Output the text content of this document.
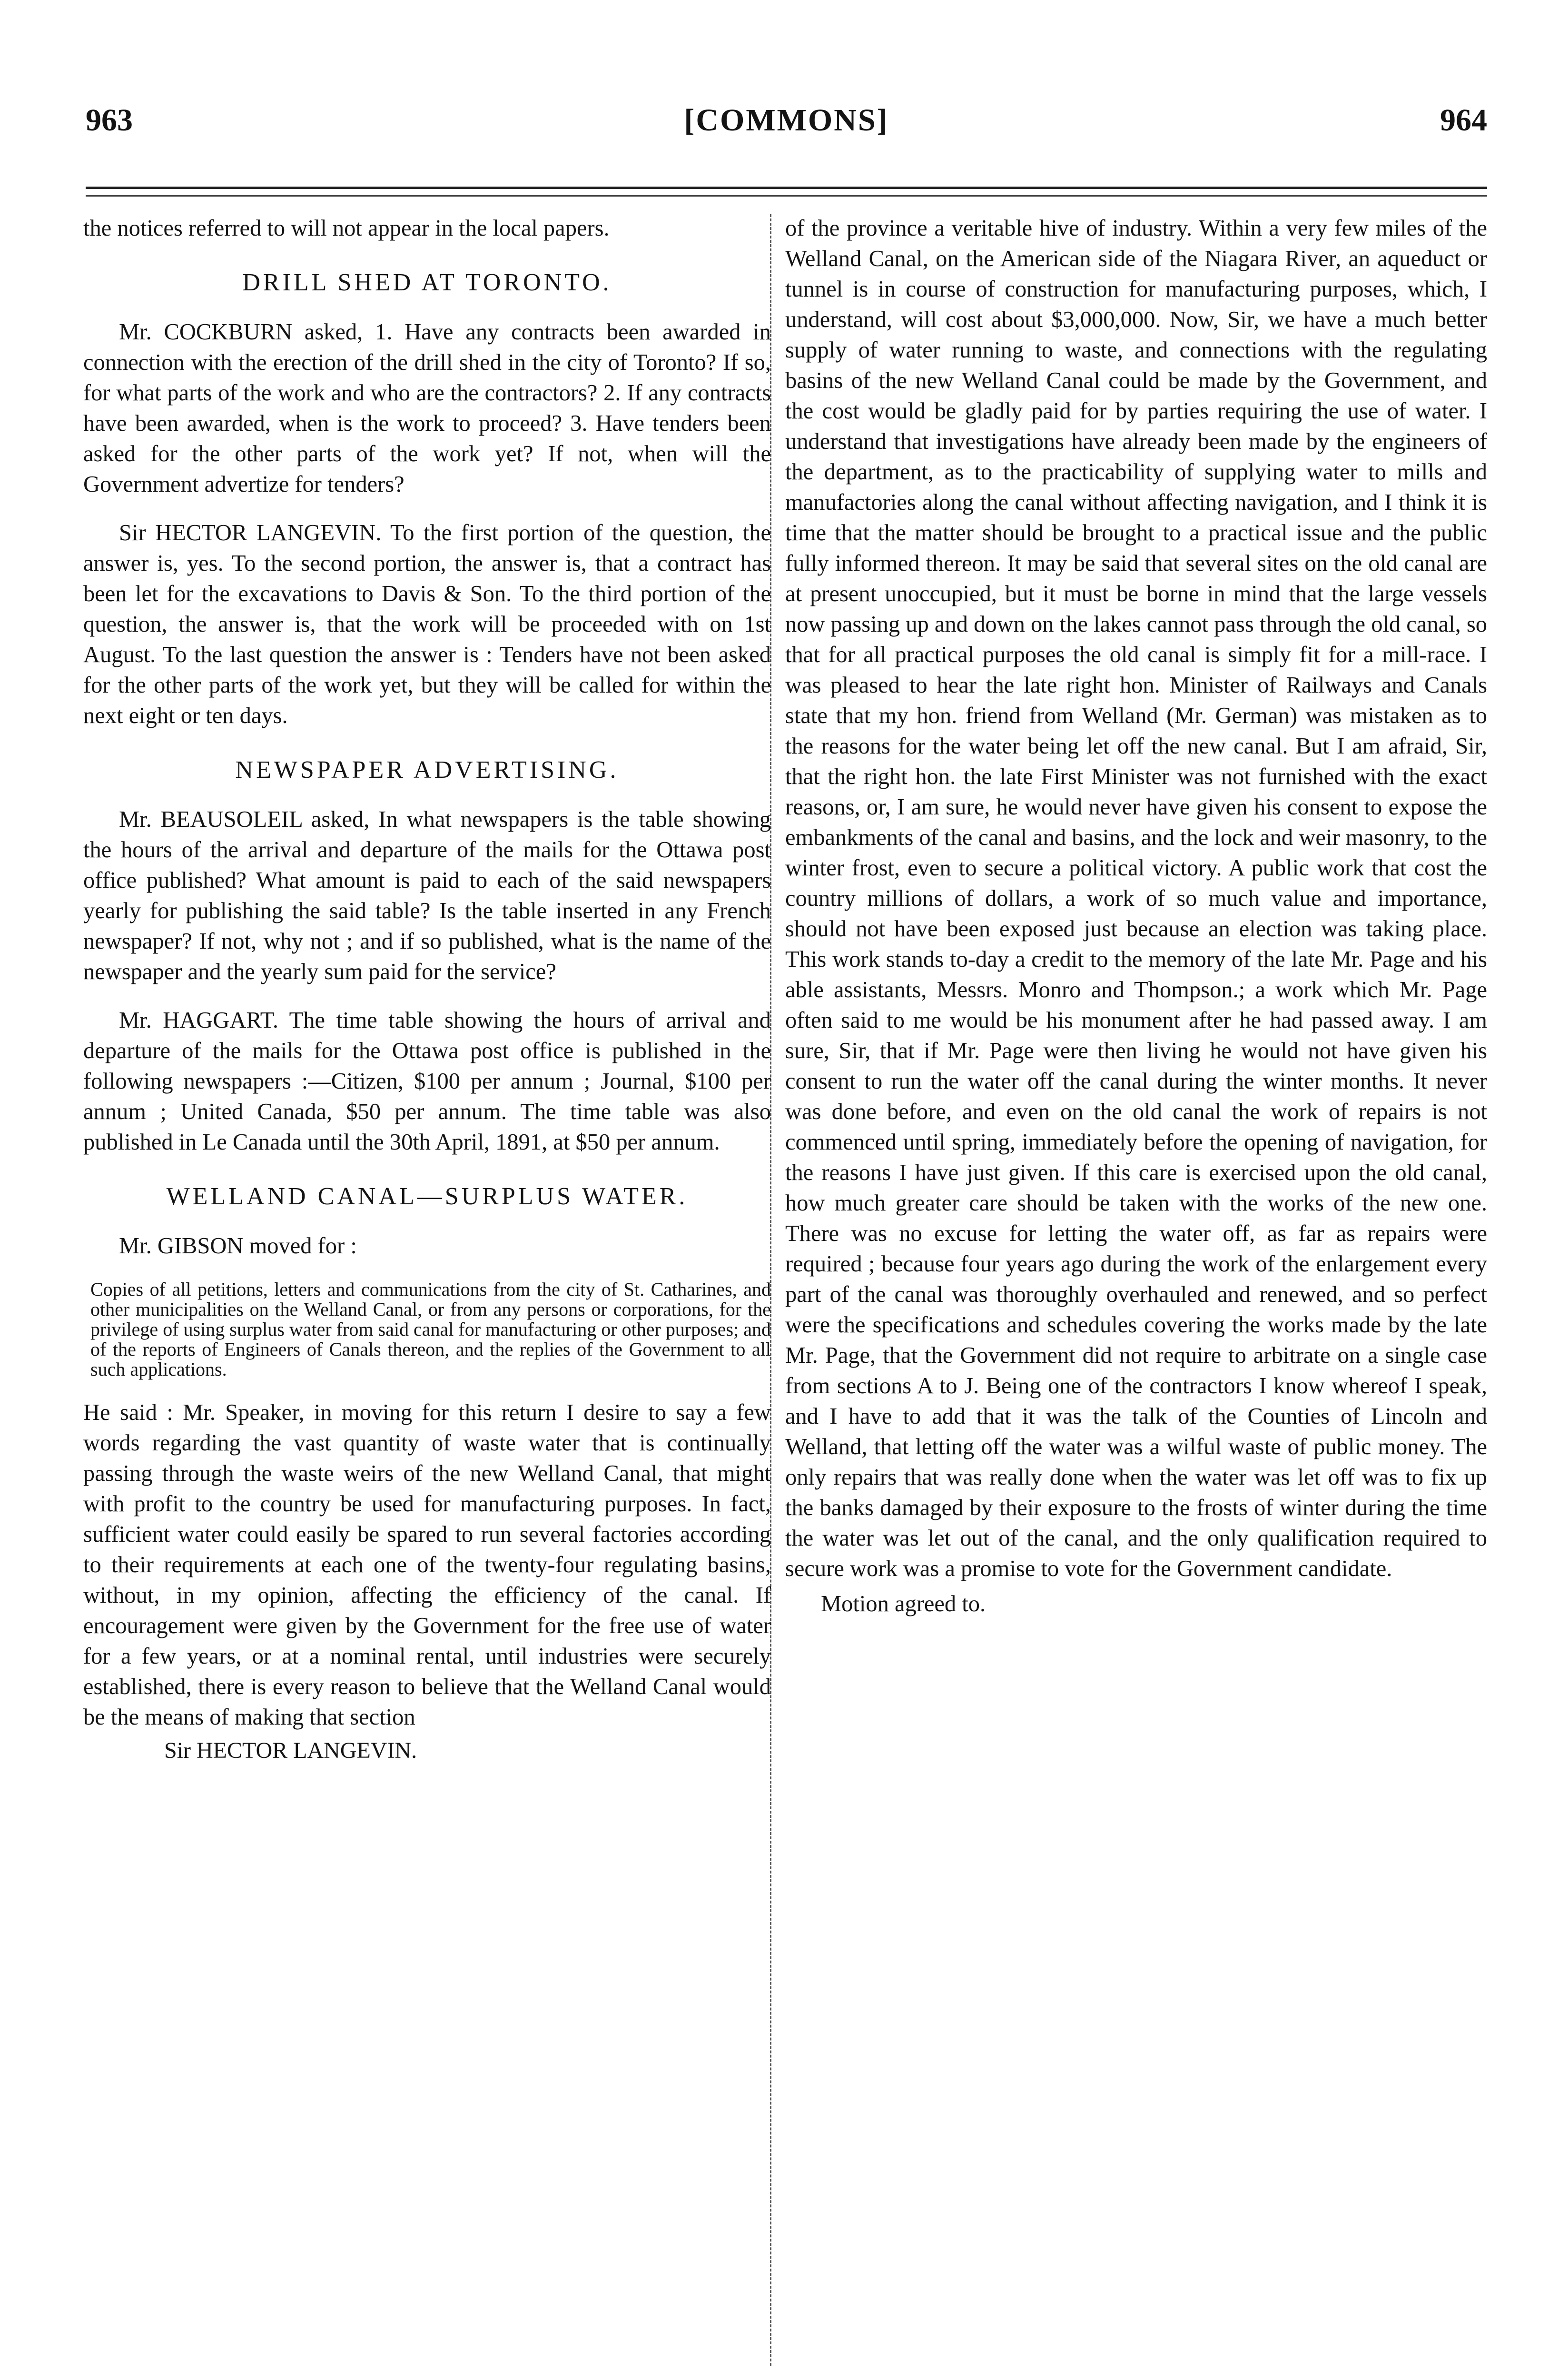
963	[COMMONS]	964

the notices referred to will not appear in the local papers.

DRILL SHED AT TORONTO.

Mr. COCKBURN asked, 1. Have any contracts been awarded in connection with the erection of the drill shed in the city of Toronto? If so, for what parts of the work and who are the contractors? 2. If any contracts have been awarded, when is the work to proceed? 3. Have tenders been asked for the other parts of the work yet? If not, when will the Government advertize for tenders?

Sir HECTOR LANGEVIN. To the first portion of the question, the answer is, yes. To the second portion, the answer is, that a contract has been let for the excavations to Davis & Son. To the third portion of the question, the answer is, that the work will be proceeded with on 1st August. To the last question the answer is : Tenders have not been asked for the other parts of the work yet, but they will be called for within the next eight or ten days.

NEWSPAPER ADVERTISING.

Mr. BEAUSOLEIL asked, In what newspapers is the table showing the hours of the arrival and departure of the mails for the Ottawa post office published? What amount is paid to each of the said newspapers yearly for publishing the said table? Is the table inserted in any French newspaper? If not, why not ; and if so published, what is the name of the newspaper and the yearly sum paid for the service?

Mr. HAGGART. The time table showing the hours of arrival and departure of the mails for the Ottawa post office is published in the following newspapers :—Citizen, $100 per annum ; Journal, $100 per annum ; United Canada, $50 per annum. The time table was also published in Le Canada until the 30th April, 1891, at $50 per annum.

WELLAND CANAL—SURPLUS WATER.

Mr. GIBSON moved for :

Copies of all petitions, letters and communications from the city of St. Catharines, and other municipalities on the Welland Canal, or from any persons or corporations, for the privilege of using surplus water from said canal for manufacturing or other purposes; and of the reports of Engineers of Canals thereon, and the replies of the Government to all such applications.

He said : Mr. Speaker, in moving for this return I desire to say a few words regarding the vast quantity of waste water that is continually passing through the waste weirs of the new Welland Canal, that might with profit to the country be used for manufacturing purposes. In fact, sufficient water could easily be spared to run several factories according to their requirements at each one of the twenty-four regulating basins, without, in my opinion, affecting the efficiency of the canal. If encouragement were given by the Government for the free use of water for a few years, or at a nominal rental, until industries were securely established, there is every reason to believe that the Welland Canal would be the means of making that section

Sir HECTOR LANGEVIN.

of the province a veritable hive of industry. Within a very few miles of the Welland Canal, on the American side of the Niagara River, an aqueduct or tunnel is in course of construction for manufacturing purposes, which, I understand, will cost about $3,000,000. Now, Sir, we have a much better supply of water running to waste, and connections with the regulating basins of the new Welland Canal could be made by the Government, and the cost would be gladly paid for by parties requiring the use of water. I understand that investigations have already been made by the engineers of the department, as to the practicability of supplying water to mills and manufactories along the canal without affecting navigation, and I think it is time that the matter should be brought to a practical issue and the public fully informed thereon. It may be said that several sites on the old canal are at present unoccupied, but it must be borne in mind that the large vessels now passing up and down on the lakes cannot pass through the old canal, so that for all practical purposes the old canal is simply fit for a mill-race. I was pleased to hear the late right hon. Minister of Railways and Canals state that my hon. friend from Welland (Mr. German) was mistaken as to the reasons for the water being let off the new canal. But I am afraid, Sir, that the right hon. the late First Minister was not furnished with the exact reasons, or, I am sure, he would never have given his consent to expose the embankments of the canal and basins, and the lock and weir masonry, to the winter frost, even to secure a political victory. A public work that cost the country millions of dollars, a work of so much value and importance, should not have been exposed just because an election was taking place. This work stands to-day a credit to the memory of the late Mr. Page and his able assistants, Messrs. Monro and Thompson.; a work which Mr. Page often said to me would be his monument after he had passed away. I am sure, Sir, that if Mr. Page were then living he would not have given his consent to run the water off the canal during the winter months. It never was done before, and even on the old canal the work of repairs is not commenced until spring, immediately before the opening of navigation, for the reasons I have just given. If this care is exercised upon the old canal, how much greater care should be taken with the works of the new one. There was no excuse for letting the water off, as far as repairs were required ; because four years ago during the work of the enlargement every part of the canal was thoroughly overhauled and renewed, and so perfect were the specifications and schedules covering the works made by the late Mr. Page, that the Government did not require to arbitrate on a single case from sections A to J. Being one of the contractors I know whereof I speak, and I have to add that it was the talk of the Counties of Lincoln and Welland, that letting off the water was a wilful waste of public money. The only repairs that was really done when the water was let off was to fix up the banks damaged by their exposure to the frosts of winter during the time the water was let out of the canal, and the only qualification required to secure work was a promise to vote for the Government candidate.

Motion agreed to.
